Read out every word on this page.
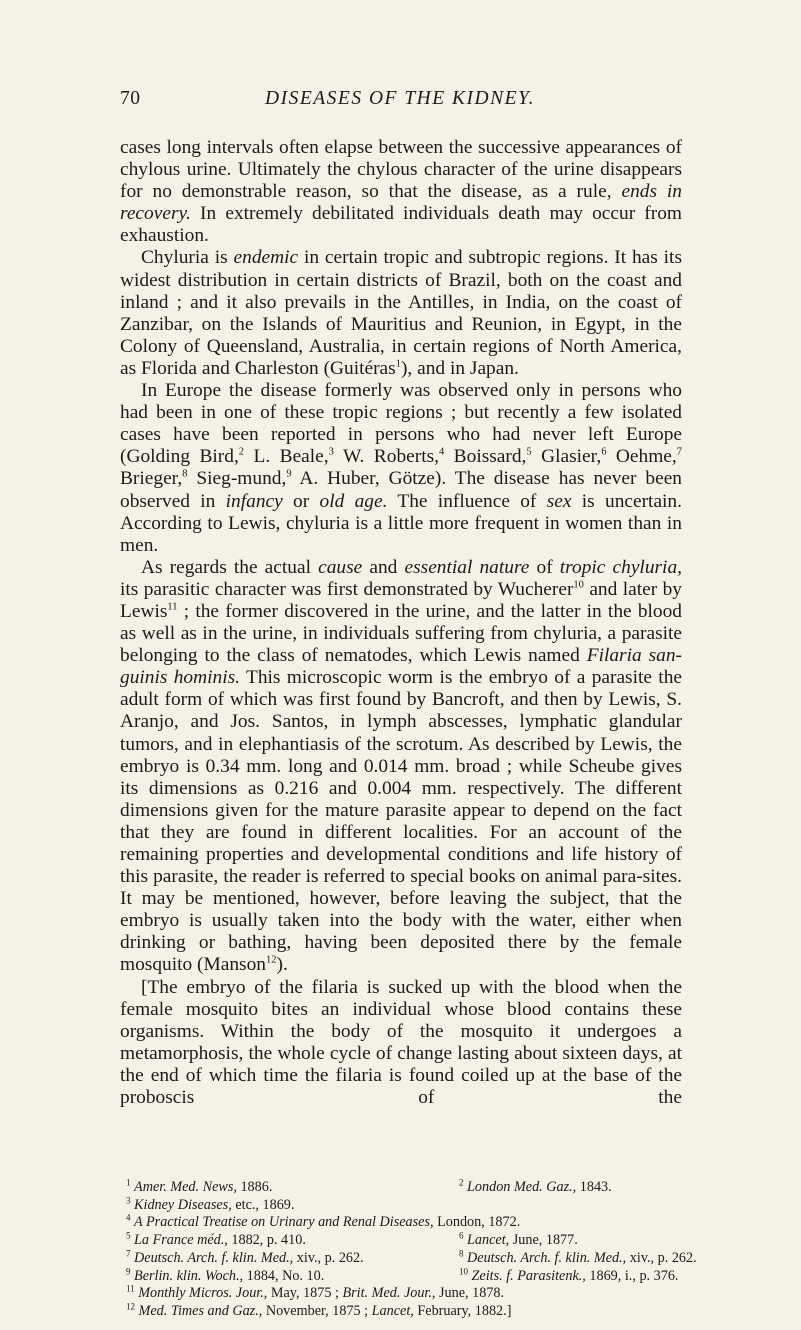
70	DISEASES OF THE KIDNEY.

cases long intervals often elapse between the successive appearances of chylous urine. Ultimately the chylous character of the urine disappears for no demonstrable reason, so that the disease, as a rule, ends in recovery. In extremely debilitated individuals death may occur from exhaustion.

Chyluria is endemic in certain tropic and subtropic regions. It has its widest distribution in certain districts of Brazil, both on the coast and inland ; and it also prevails in the Antilles, in India, on the coast of Zanzibar, on the Islands of Mauritius and Reunion, in Egypt, in the Colony of Queensland, Australia, in certain regions of North America, as Florida and Charleston (Guitéras$^1$), and in Japan.

In Europe the disease formerly was observed only in persons who had been in one of these tropic regions ; but recently a few isolated cases have been reported in persons who had never left Europe (Golding Bird,$^2$ L. Beale,$^3$ W. Roberts,$^4$ Boissard,$^5$ Glasier,$^6$ Oehme,$^7$ Brieger,$^8$ Sieg-mund,$^9$ A. Huber, Götze). The disease has never been observed in infancy or old age. The influence of sex is uncertain. According to Lewis, chyluria is a little more frequent in women than in men.

As regards the actual cause and essential nature of tropic chyluria, its parasitic character was first demonstrated by Wucherer$^{10}$ and later by Lewis$^{11}$ ; the former discovered in the urine, and the latter in the blood as well as in the urine, in individuals suffering from chyluria, a parasite belonging to the class of nematodes, which Lewis named Filaria san-guinis hominis. This microscopic worm is the embryo of a parasite the adult form of which was first found by Bancroft, and then by Lewis, S. Aranjo, and Jos. Santos, in lymph abscesses, lymphatic glandular tumors, and in elephantiasis of the scrotum. As described by Lewis, the embryo is 0.34 mm. long and 0.014 mm. broad ; while Scheube gives its dimensions as 0.216 and 0.004 mm. respectively. The different dimensions given for the mature parasite appear to depend on the fact that they are found in different localities. For an account of the remaining properties and developmental conditions and life history of this parasite, the reader is referred to special books on animal para-sites. It may be mentioned, however, before leaving the subject, that the embryo is usually taken into the body with the water, either when drinking or bathing, having been deposited there by the female mosquito (Manson$^{12}$).

[The embryo of the filaria is sucked up with the blood when the female mosquito bites an individual whose blood contains these organisms. Within the body of the mosquito it undergoes a metamorphosis, the whole cycle of change lasting about sixteen days, at the end of which time the filaria is found coiled up at the base of the proboscis of the

$^1$ Amer. Med. News, 1886.	$^2$ London Med. Gaz., 1843.
$^3$ Kidney Diseases, etc., 1869.
$^4$ A Practical Treatise on Urinary and Renal Diseases, London, 1872.
$^5$ La France méd., 1882, p. 410.	$^6$ Lancet, June, 1877.
$^7$ Deutsch. Arch. f. klin. Med., xiv., p. 262.	$^8$ Deutsch. Arch. f. klin. Med., xiv., p. 262.
$^9$ Berlin. klin. Woch., 1884, No. 10.	$^{10}$ Zeits. f. Parasitenk., 1869, i., p. 376.
$^{11}$ Monthly Micros. Jour., May, 1875 ; Brit. Med. Jour., June, 1878.
$^{12}$ Med. Times and Gaz., November, 1875 ; Lancet, February, 1882.]
